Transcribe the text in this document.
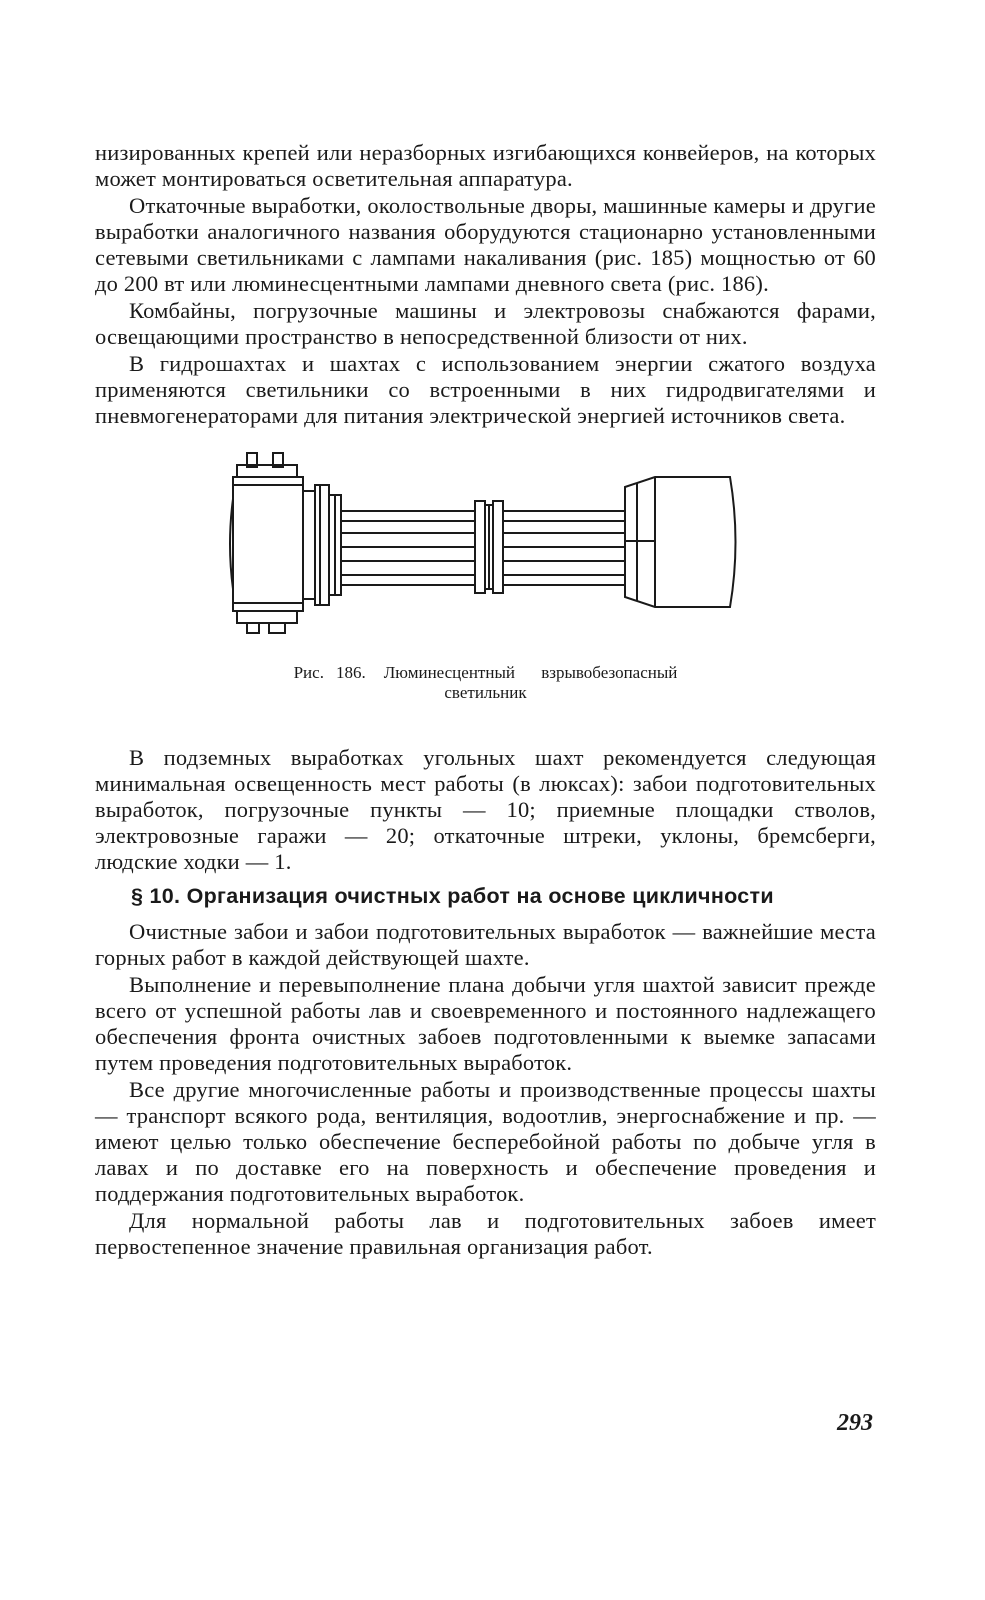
низированных крепей или неразборных изгибающихся конвейеров, на которых может монтироваться осветительная аппаратура.

Откаточные выработки, околоствольные дворы, машинные камеры и другие выработки аналогичного названия оборудуются стационарно установленными сетевыми светильниками с лампами накаливания (рис. 185) мощностью от 60 до 200 вт или люминесцентными лампами дневного света (рис. 186).

Комбайны, погрузочные машины и электровозы снабжаются фарами, освещающими пространство в непосредственной близости от них.

В гидрошахтах и шахтах с использованием энергии сжатого воздуха применяются светильники со встроенными в них гидродвигателями и пневмогенераторами для питания электрической энергией источников света.

Рис. 186. Люминесцентный взрывобезопасный
светильник

В подземных выработках угольных шахт рекомендуется следующая минимальная освещенность мест работы (в люксах): забои подготовительных выработок, погрузочные пункты — 10; приемные площадки стволов, электровозные гаражи — 20; откаточные штреки, уклоны, бремсберги, людские ходки — 1.

§ 10. Организация очистных работ на основе цикличности

Очистные забои и забои подготовительных выработок — важнейшие места горных работ в каждой действующей шахте.

Выполнение и перевыполнение плана добычи угля шахтой зависит прежде всего от успешной работы лав и своевременного и постоянного надлежащего обеспечения фронта очистных забоев подготовленными к выемке запасами путем проведения подготовительных выработок.

Все другие многочисленные работы и производственные процессы шахты — транспорт всякого рода, вентиляция, водоотлив, энергоснабжение и пр. — имеют целью только обеспечение бесперебойной работы по добыче угля в лавах и по доставке его на поверхность и обеспечение проведения и поддержания подготовительных выработок.

Для нормальной работы лав и подготовительных забоев имеет первостепенное значение правильная организация работ.

293
